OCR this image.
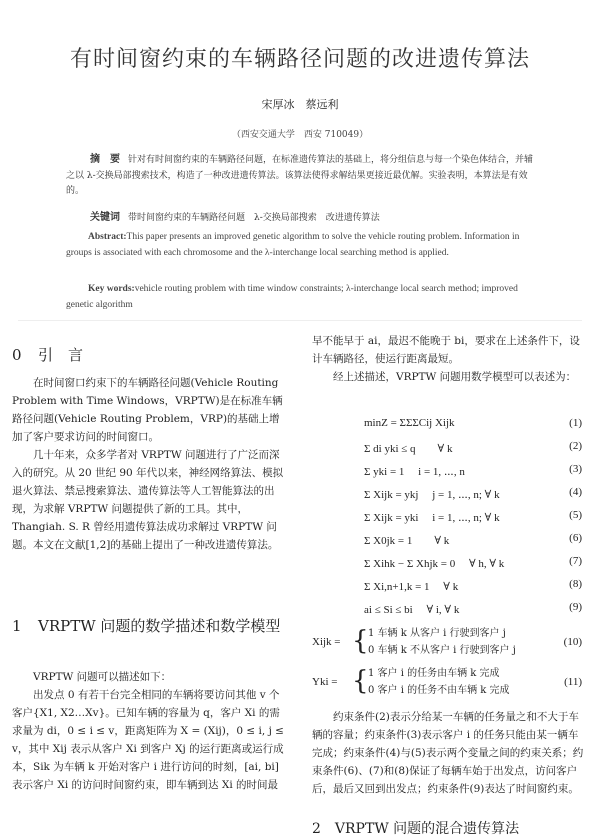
有时间窗约束的车辆路径问题的改进遗传算法
宋厚冰　蔡远利
（西安交通大学　西安 710049）
摘　要 针对有时间窗约束的车辆路径问题，在标准遗传算法的基础上，将分组信息与每一个染色体结合，并辅之以 λ-交换局部搜索技术，构造了一种改进遗传算法。该算法使得求解结果更接近最优解。实验表明，本算法是有效的。
关键词 带时间窗约束的车辆路径问题　λ-交换局部搜索　改进遗传算法
Abstract:This paper presents an improved genetic algorithm to solve the vehicle routing problem. Information in groups is associated with each chromosome and the λ-interchange local searching method is applied.
Key words:vehicle routing problem with time window constraints; λ-interchange local search method; improved genetic algorithm
0 引　言

在时间窗口约束下的车辆路径问题(Vehicle Routing Problem with Time Windows，VRPTW)是在标准车辆路径问题(Vehicle Routing Problem，VRP)的基础上增加了客户要求访问的时间窗口。

几十年来，众多学者对 VRPTW 问题进行了广泛而深入的研究。从 20 世纪 90 年代以来，神经网络算法、模拟退火算法、禁忌搜索算法、遗传算法等人工智能算法的出现，为求解 VRPTW 问题提供了新的工具。其中，Thangiah. S. R 曾经用遗传算法成功求解过 VRPTW 问题。本文在文献[1,2]的基础上提出了一种改进遗传算法。

1 VRPTW 问题的数学描述和数学模型

VRPTW 问题可以描述如下：

出发点 0 有若干台完全相同的车辆将要访问其他 v 个客户{X1, X2…Xv}。已知车辆的容量为 q，客户 Xi 的需求量为 di，0 ≤ i ≤ v，距离矩阵为 X = (Xij)，0 ≤ i, j ≤ v，其中 Xij 表示从客户 Xi 到客户 Xj 的运行距离或运行成本，Sik 为车辆 k 开始对客户 i 进行访问的时刻，[ai, bi] 表示客户 Xi 的访问时间窗约束，即车辆到达 Xi 的时间最

早不能早于 ai，最迟不能晚于 bi，要求在上述条件下，设计车辆路径，使运行距离最短。

经上述描述，VRPTW 问题用数学模型可以表述为：

minZ = ΣΣΣCij Xijk	(1)
Σ di yki ≤ q　　∀ k	(2)
Σ yki = 1　 i = 1, ⋯, n	(3)
Σ Xijk = ykj　 j = 1, ⋯, n; ∀ k	(4)
Σ Xijk = yki　 i = 1, ⋯, n; ∀ k	(5)
Σ X0jk = 1　　∀ k	(6)
Σ Xihk − Σ Xhjk = 0　 ∀ h, ∀ k	(7)
Σ Xi,n+1,k = 1　 ∀ k	(8)
ai ≤ Si ≤ bi　 ∀ i, ∀ k	(9)
Xijk = { 1 车辆 k 从客户 i 行驶到客户 j
0 车辆 k 不从客户 i 行驶到客户 j
(10)
Yki = { 1 客户 i 的任务由车辆 k 完成
0 客户 i 的任务不由车辆 k 完成
(11)

约束条件(2)表示分给某一车辆的任务量之和不大于车辆的容量；约束条件(3)表示客户 i 的任务只能由某一辆车完成；约束条件(4)与(5)表示两个变量之间的约束关系；约束条件(6)、(7)和(8)保证了每辆车始于出发点，访问客户后，最后又回到出发点；约束条件(9)表达了时间窗约束。

2　VRPTW 问题的混合遗传算法
